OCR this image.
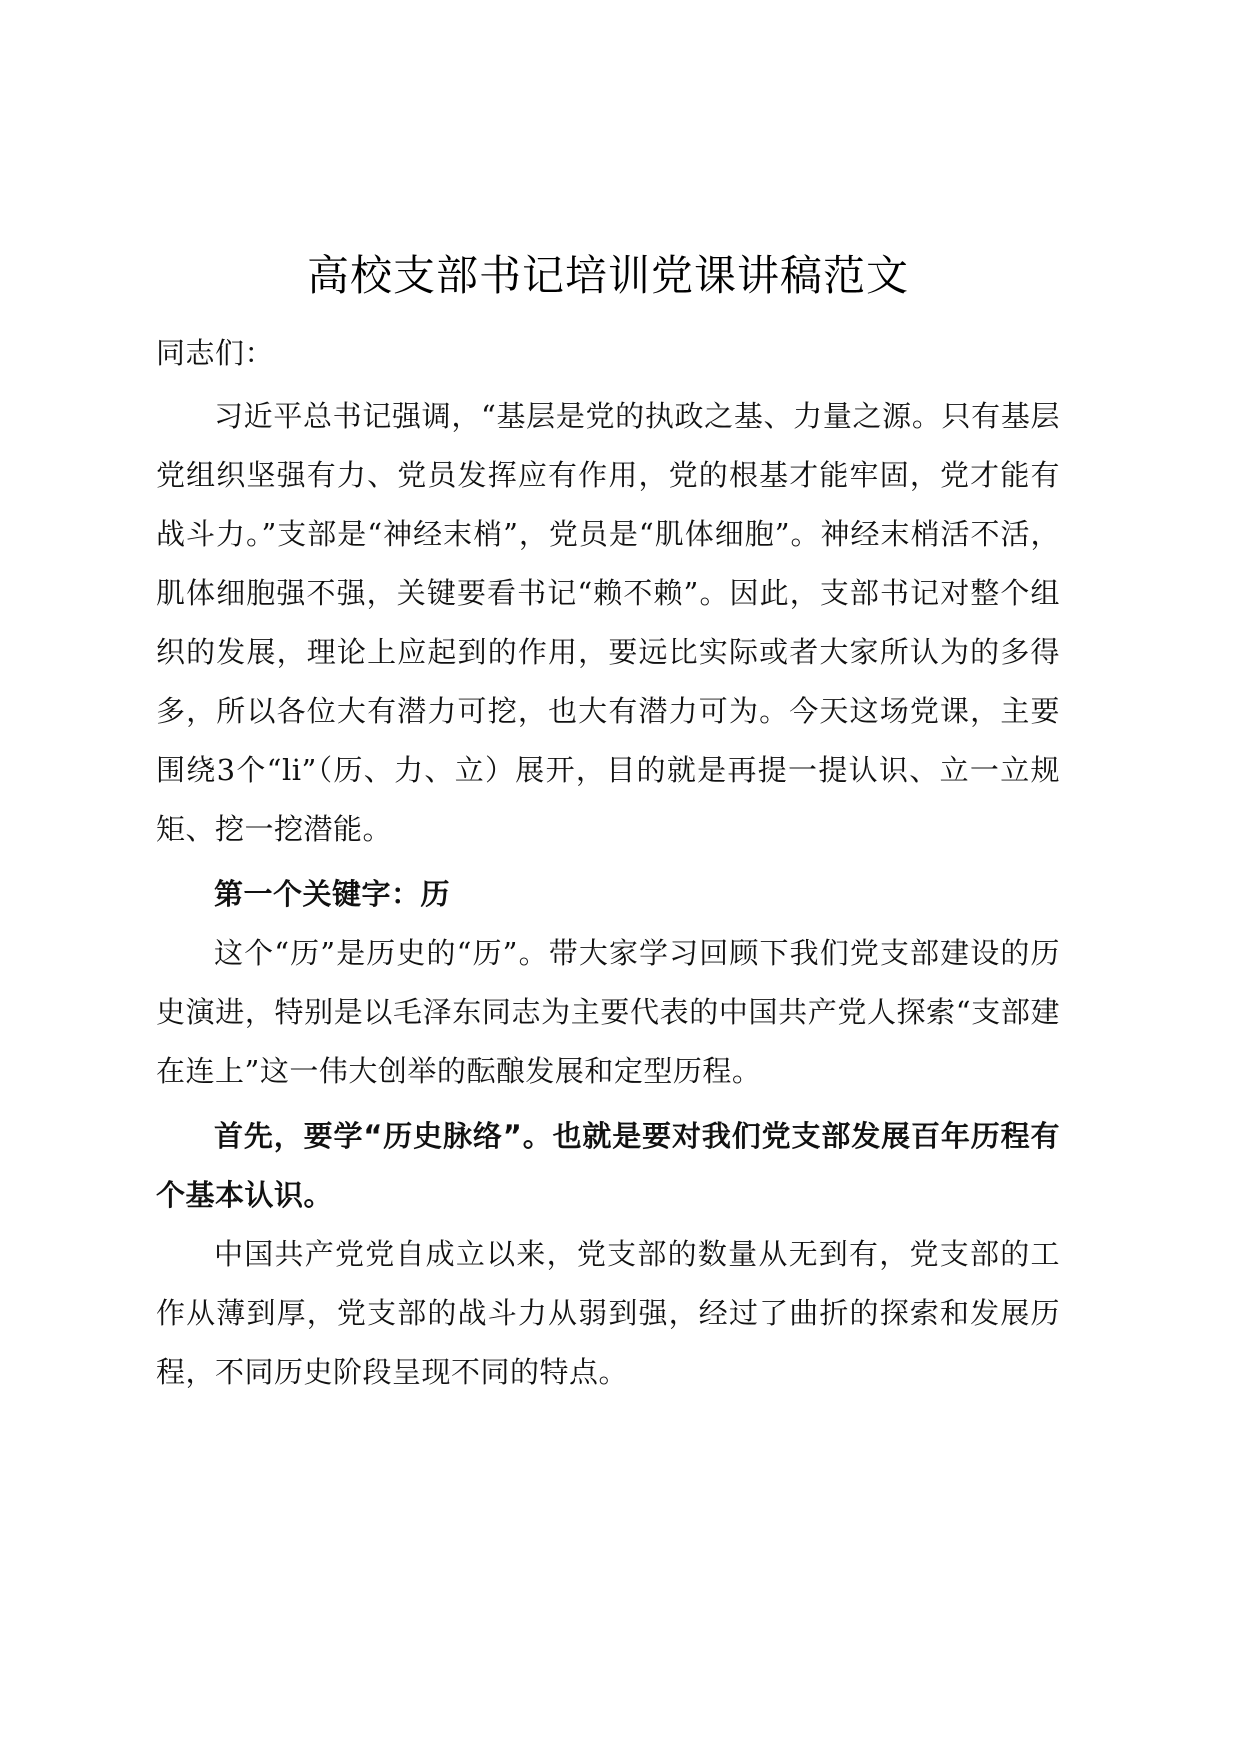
高校支部书记培训党课讲稿范文

同志们：

习近平总书记强调，“基层是党的执政之基、力量之源。只有基层党组织坚强有力、党员发挥应有作用，党的根基才能牢固，党才能有战斗力。”支部是“神经末梢”，党员是“肌体细胞”。神经末梢活不活，肌体细胞强不强，关键要看书记“赖不赖”。因此，支部书记对整个组织的发展，理论上应起到的作用，要远比实际或者大家所认为的多得多，所以各位大有潜力可挖，也大有潜力可为。今天这场党课，主要围绕3个“li”（历、力、立）展开，目的就是再提一提认识、立一立规矩、挖一挖潜能。

第一个关键字：历

这个“历”是历史的“历”。带大家学习回顾下我们党支部建设的历史演进，特别是以毛泽东同志为主要代表的中国共产党人探索“支部建在连上”这一伟大创举的酝酿发展和定型历程。

首先，要学“历史脉络”。也就是要对我们党支部发展百年历程有个基本认识。

中国共产党党自成立以来，党支部的数量从无到有，党支部的工作从薄到厚，党支部的战斗力从弱到强，经过了曲折的探索和发展历程，不同历史阶段呈现不同的特点。
